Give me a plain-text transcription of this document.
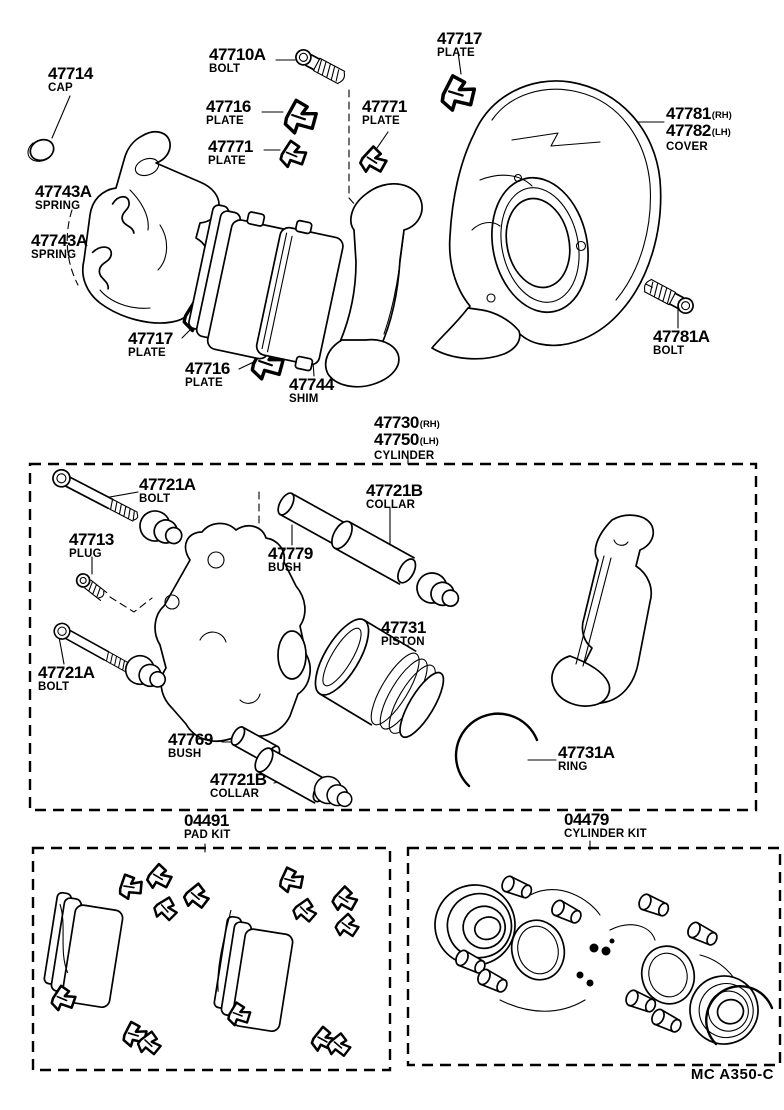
47714
CAP
47710A
BOLT
47717
PLATE
47716
PLATE
47771
PLATE
47771
PLATE
47781(RH)
47782(LH)
COVER
47743A
SPRING
47743A
SPRING
47717
PLATE
47716
PLATE	47744
SHIM
47781A
BOLT
47730(RH)
47750(LH)
CYLINDER
47721A
BOLT	47721B
COLLAR
47713
PLUG	47779
BUSH
47731
PISTON
47721A
BOLT
47769
BUSH
47721B
COLLAR
47731A
RING
04491
PAD KIT
04479
CYLINDER KIT
MC A350-C
